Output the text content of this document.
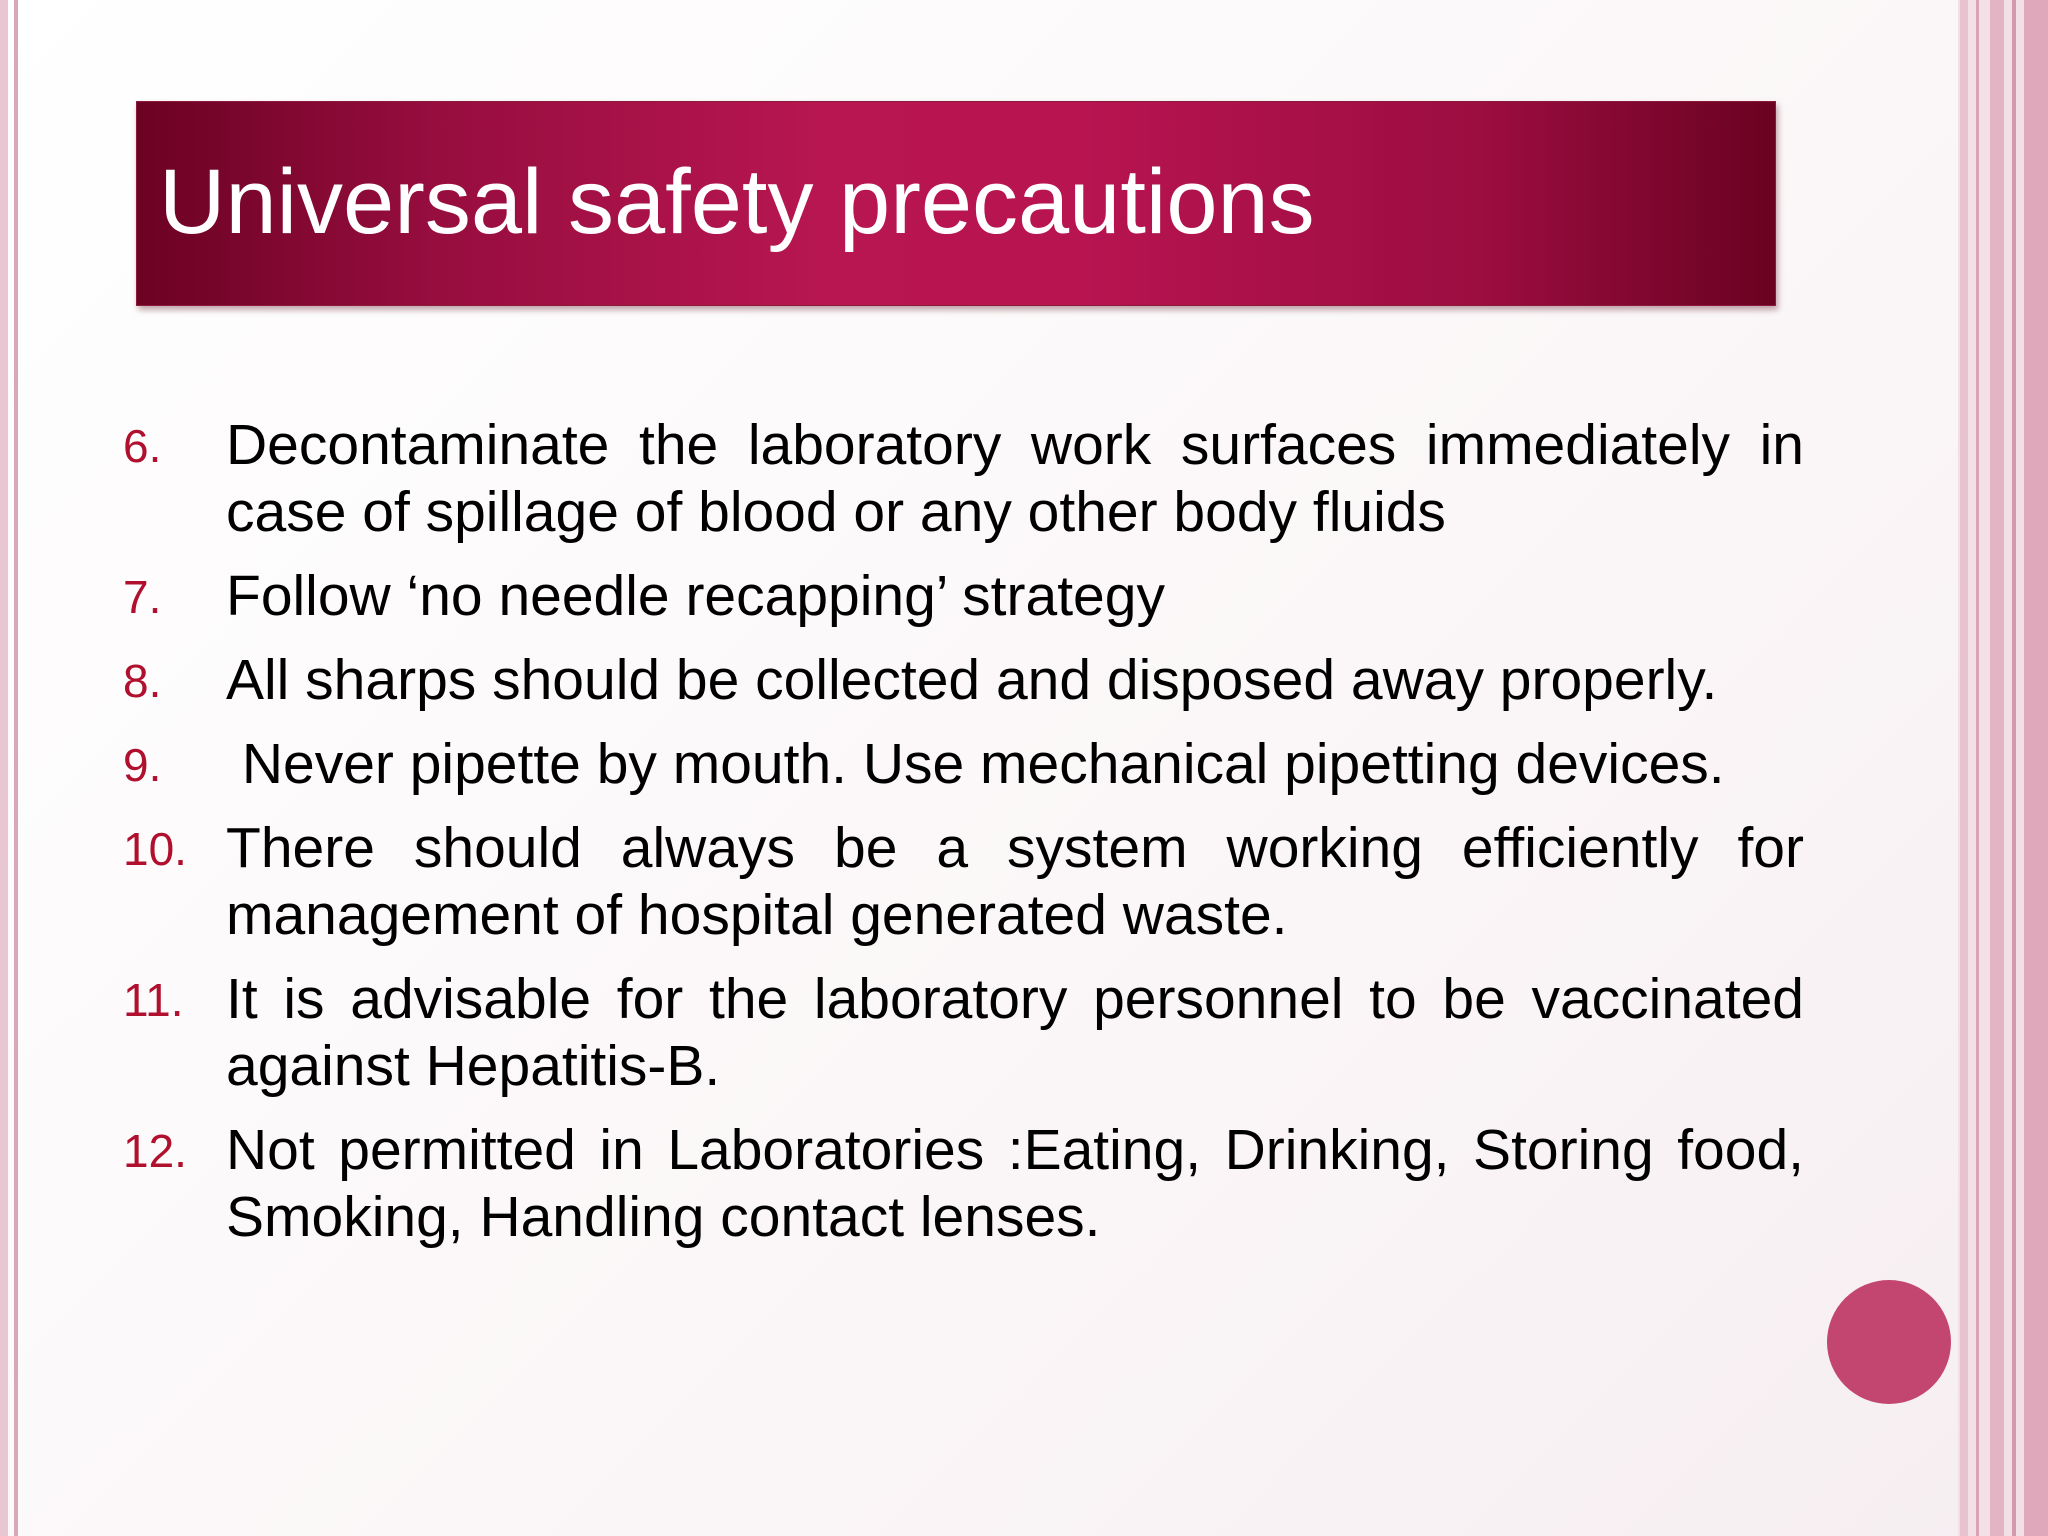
Universal safety precautions
6. Decontaminate the laboratory work surfaces immediately in case of spillage of blood or any other body fluids
7. Follow ‘no needle recapping’ strategy
8. All sharps should be collected and disposed away properly.
9. Never pipette by mouth. Use mechanical pipetting devices.
10. There should always be a system working efficiently for management of hospital generated waste.
11. It is advisable for the laboratory personnel to be vaccinated against Hepatitis-B.
12. Not permitted in Laboratories :Eating, Drinking, Storing food, Smoking, Handling contact lenses.
